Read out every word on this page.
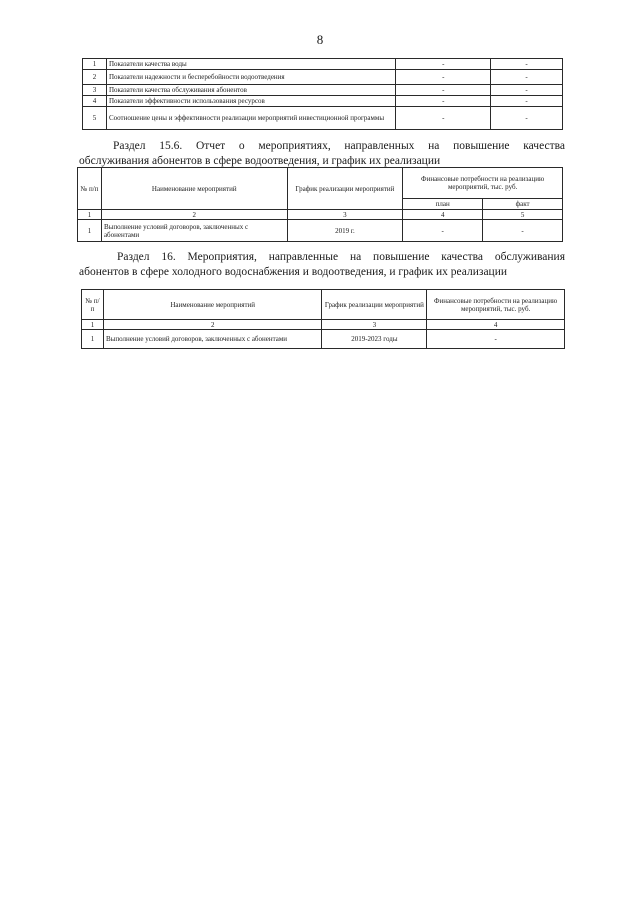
8
1	Показатели качества воды	-	-
2	Показатели надежности и бесперебойности водоотведения	-	-
3	Показатели качества обслуживания абонентов	-	-
4	Показатели эффективности использования ресурсов	-	-
5	Соотношение цены и эффективности реализации мероприятий инвестиционной программы	-	-
Раздел 15.6. Отчет о мероприятиях, направленных на повышение качества
обслуживания абонентов в сфере водоотведения, и график их реализации
№ п/п	Наименование мероприятий	График реализации мероприятий	Финансовые потребности на реализацию мероприятий, тыс. руб.	
			план	факт
1	2	3	4	5
1	Выполнение условий договоров, заключенных с абонентами	2019 г.	-	-
Раздел 16. Мероприятия, направленные на повышение качества обслуживания
абонентов в сфере холодного водоснабжения и водоотведения, и график их реализации
№ п/п	Наименование мероприятий	График реализации мероприятий	Финансовые потребности на реализацию мероприятий, тыс. руб.
1	2	3	4
1	Выполнение условий договоров, заключенных с абонентами	2019-2023 годы	-
